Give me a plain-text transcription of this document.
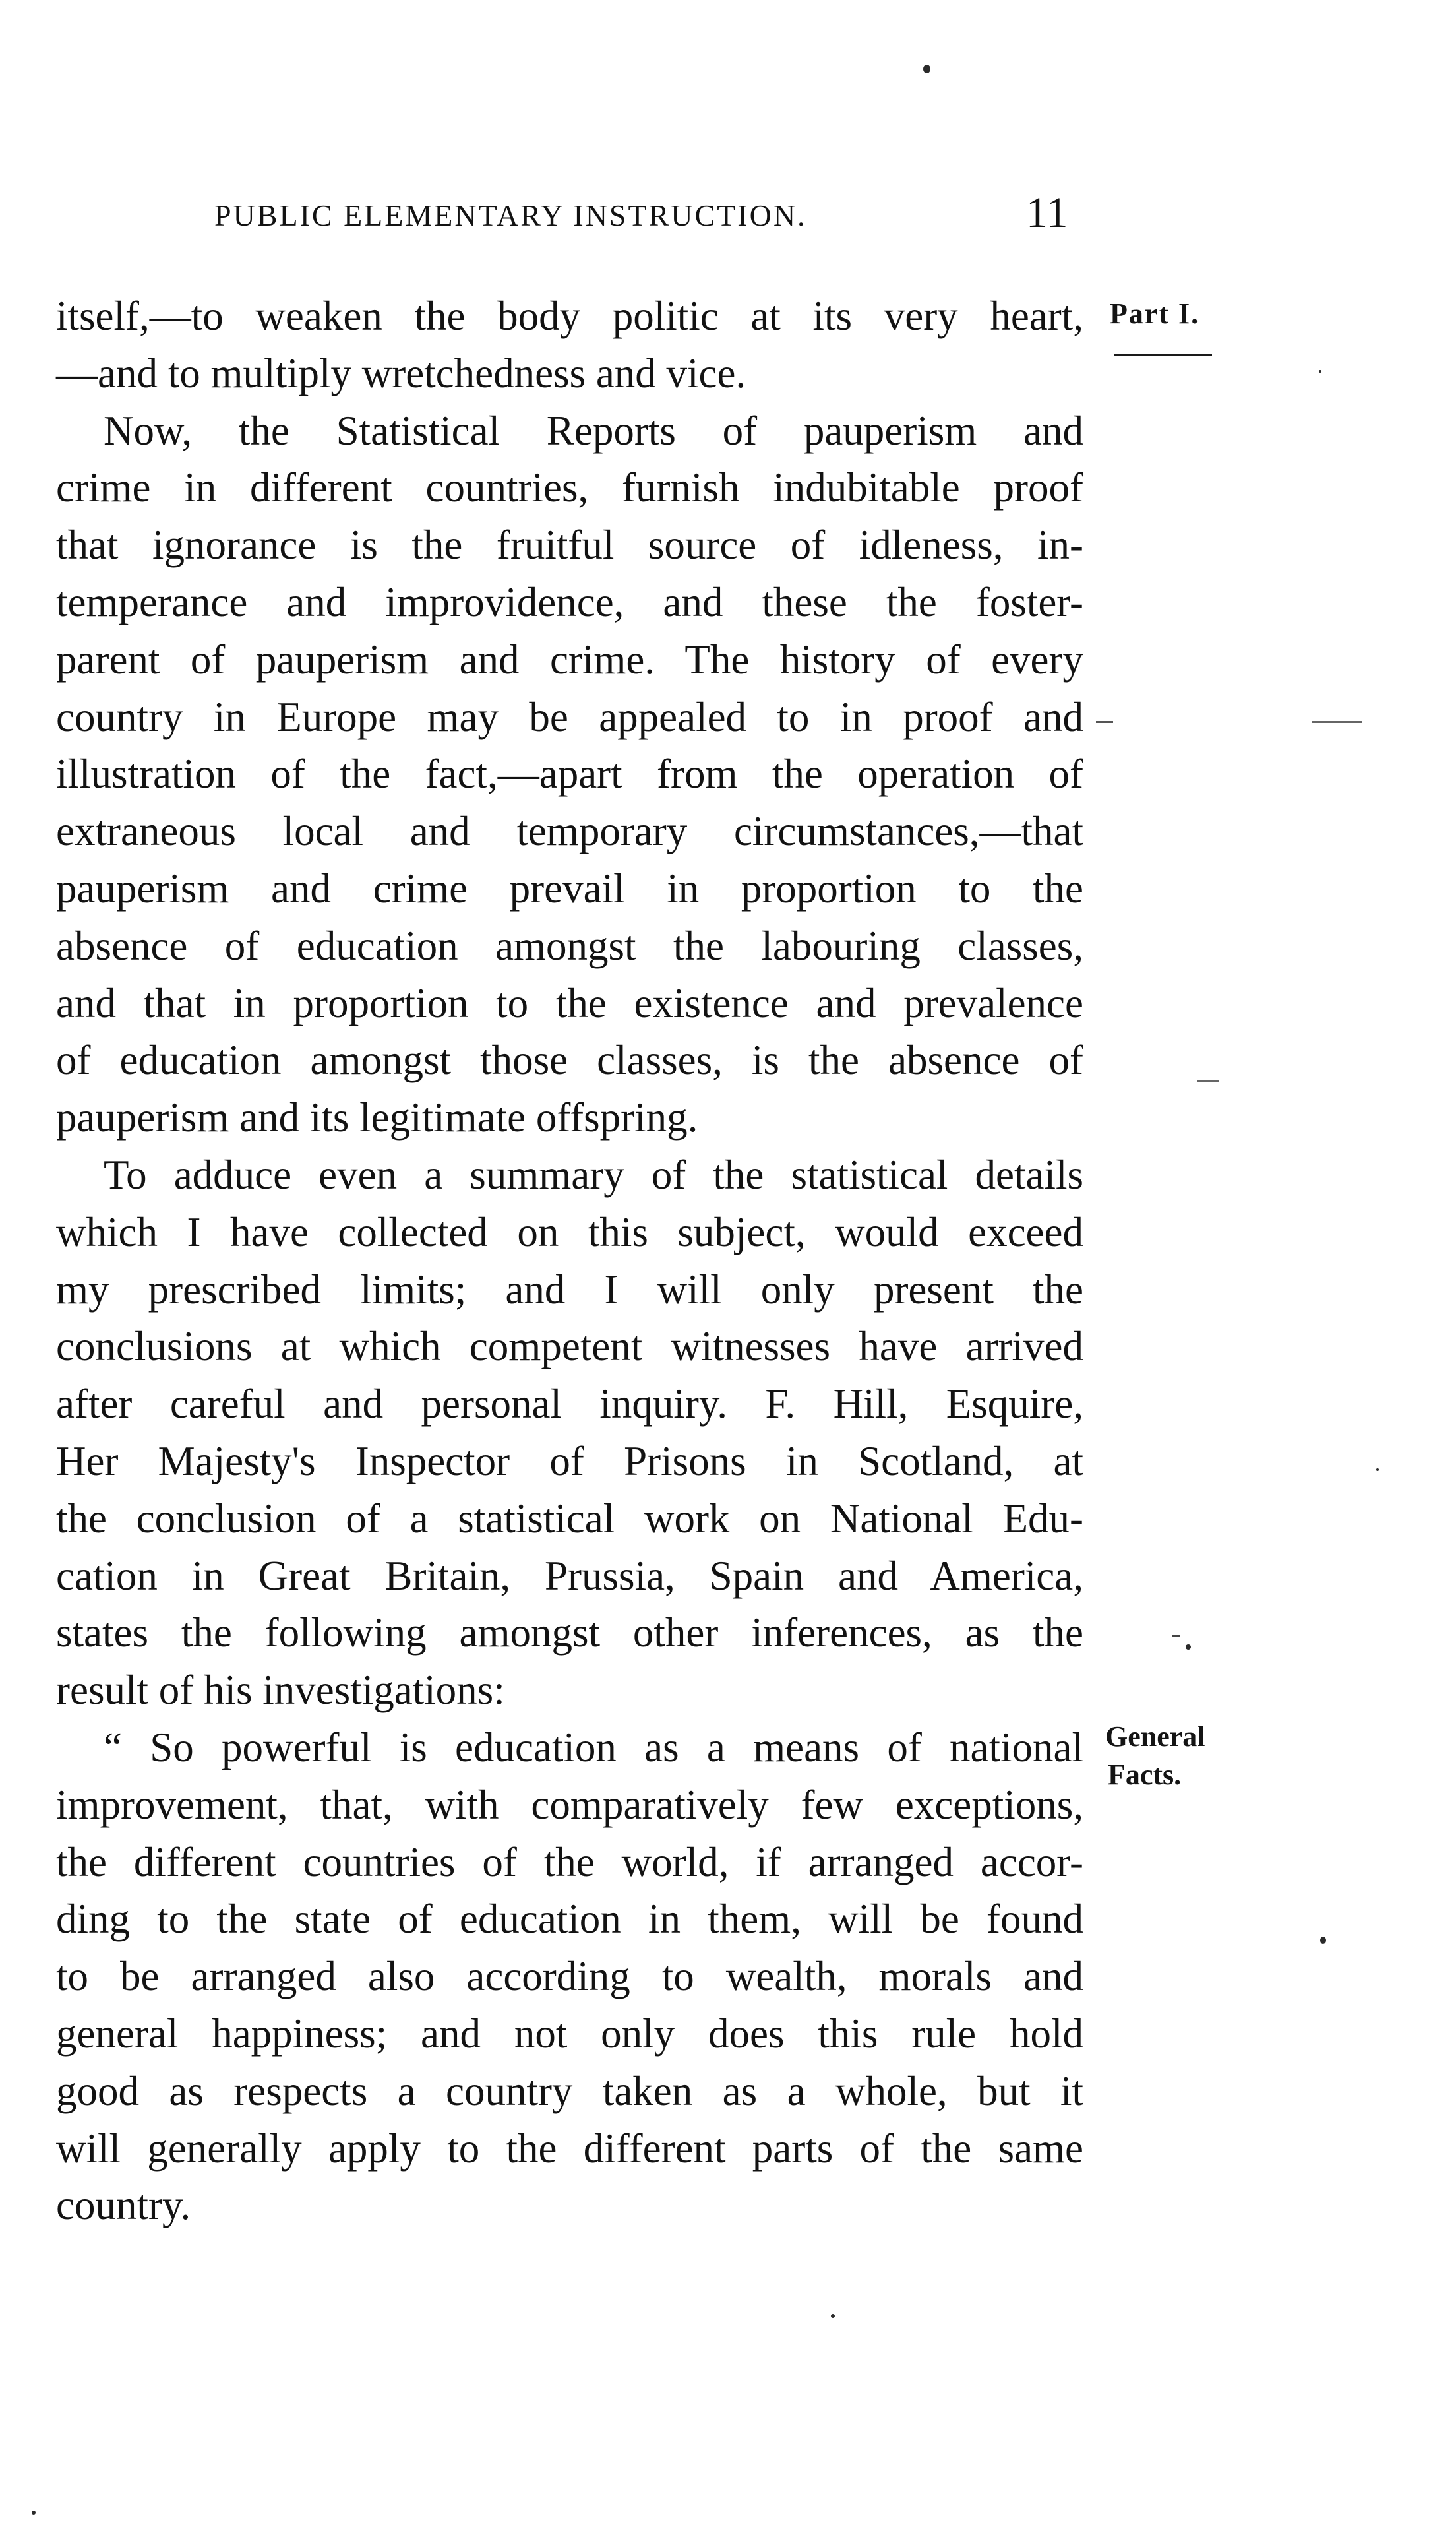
PUBLIC ELEMENTARY INSTRUCTION.	11
Part I.
General
Facts.
itself,—to weaken the body politic at its very heart,
—and to multiply wretchedness and vice.
Now, the Statistical Reports of pauperism and
crime in different countries, furnish indubitable proof
that ignorance is the fruitful source of idleness, in-
temperance and improvidence, and these the foster-
parent of pauperism and crime. The history of every
country in Europe may be appealed to in proof and
illustration of the fact,—apart from the operation of
extraneous local and temporary circumstances,—that
pauperism and crime prevail in proportion to the
absence of education amongst the labouring classes,
and that in proportion to the existence and prevalence
of education amongst those classes, is the absence of
pauperism and its legitimate offspring.
To adduce even a summary of the statistical details
which I have collected on this subject, would exceed
my prescribed limits; and I will only present the
conclusions at which competent witnesses have arrived
after careful and personal inquiry. F. Hill, Esquire,
Her Majesty's Inspector of Prisons in Scotland, at
the conclusion of a statistical work on National Edu-
cation in Great Britain, Prussia, Spain and America,
states the following amongst other inferences, as the
result of his investigations:
“ So powerful is education as a means of national
improvement, that, with comparatively few exceptions,
the different countries of the world, if arranged accor-
ding to the state of education in them, will be found
to be arranged also according to wealth, morals and
general happiness; and not only does this rule hold
good as respects a country taken as a whole, but it
will generally apply to the different parts of the same
country.
